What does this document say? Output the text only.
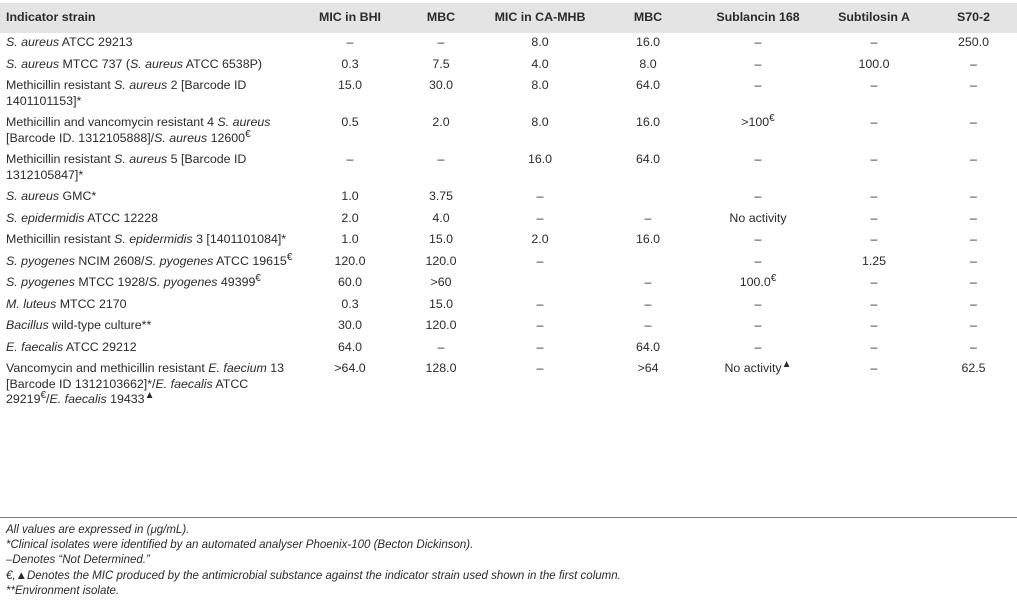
Indicator strain	MIC in BHI	MBC	MIC in CA-MHB	MBC	Sublancin 168	Subtilosin A	S70-2
S. aureus ATCC 29213	–	–	8.0	16.0	–	–	250.0
S. aureus MTCC 737 (S. aureus ATCC 6538P)	0.3	7.5	4.0	8.0	–	100.0	–
Methicillin resistant S. aureus 2 [Barcode ID 1401101153]*	15.0	30.0	8.0	64.0	–	–	–
Methicillin and vancomycin resistant 4 S. aureus [Barcode ID. 1312105888]/S. aureus 12600€	0.5	2.0	8.0	16.0	>100€	–	–
Methicillin resistant S. aureus 5 [Barcode ID 1312105847]*	–	–	16.0	64.0	–	–	–
S. aureus GMC*	1.0	3.75	–		–	–	–
S. epidermidis ATCC 12228	2.0	4.0	–	–	No activity	–	–
Methicillin resistant S. epidermidis 3 [1401101084]*	1.0	15.0	2.0	16.0	–	–	–
S. pyogenes NCIM 2608/S. pyogenes ATCC 19615€	120.0	120.0	–		–	1.25	–
S. pyogenes MTCC 1928/S. pyogenes 49399€	60.0	>60		–	100.0€	–	–
M. luteus MTCC 2170	0.3	15.0	–	–	–	–	–
Bacillus wild-type culture**	30.0	120.0	–	–	–	–	–
E. faecalis ATCC 29212	64.0	–	–	64.0	–	–	–
Vancomycin and methicillin resistant E. faecium 13 [Barcode ID 1312103662]*/E. faecalis ATCC 29219€/E. faecalis 19433▲	>64.0	128.0	–	>64	No activity▲	–	62.5
All values are expressed in (μg/mL).
*Clinical isolates were identified by an automated analyser Phoenix-100 (Becton Dickinson).
–Denotes “Not Determined.”
€,▲Denotes the MIC produced by the antimicrobial substance against the indicator strain used shown in the first column.
**Environment isolate.
